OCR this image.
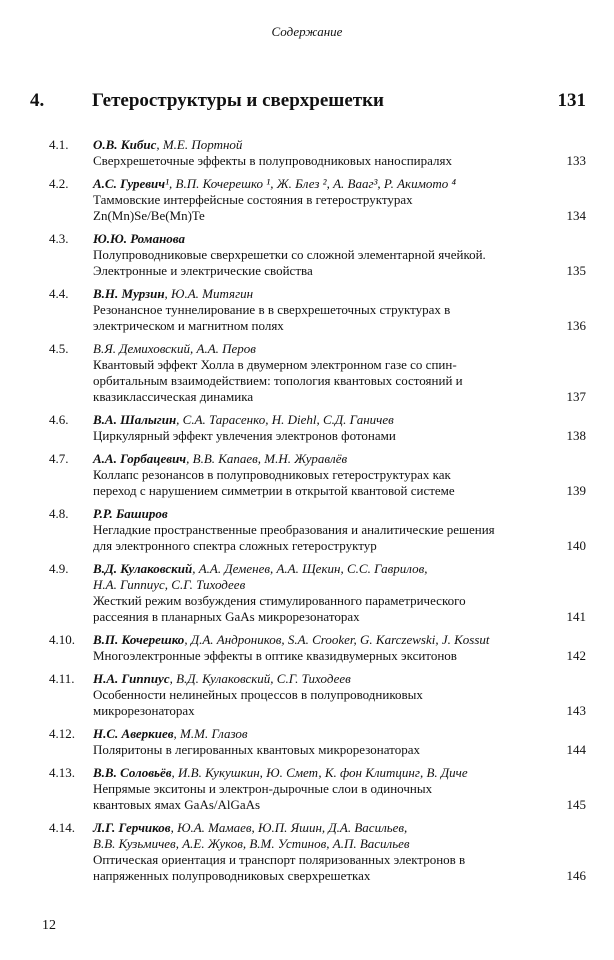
Содержание
4.	Гетероструктуры и сверхрешетки	131
4.1. О.В. Кибис, М.Е. Портной
Сверхрешеточные эффекты в полупроводниковых наноспиралях	133
4.2. А.С. Гуревич¹, В.П. Кочерешко ¹, Ж. Блез ², А. Вааг³, Р. Акимото ⁴
Таммовские интерфейсные состояния в гетероструктурах
Zn(Mn)Se/Be(Mn)Te	134
4.3. Ю.Ю. Романова
Полупроводниковые сверхрешетки со сложной элементарной ячейкой.
Электронные и электрические свойства	135
4.4. В.Н. Мурзин, Ю.А. Митягин
Резонансное туннелирование в в сверхрешеточных структурах в
электрическом и магнитном полях	136
4.5. В.Я. Демиховский, А.А. Перов
Квантовый эффект Холла в двумерном электронном газе со спин-
орбитальным взаимодействием: топология квантовых состояний и
квазиклассическая динамика	137
4.6. В.А. Шалыгин, С.А. Тарасенко, H. Diehl, С.Д. Ганичев
Циркулярный эффект увлечения электронов фотонами	138
4.7. А.А. Горбацевич, В.В. Капаев, М.Н. Журавлёв
Коллапс резонансов в полупроводниковых гетероструктурах как
переход с нарушением симметрии в открытой квантовой системе	139
4.8. Р.Р. Баширов
Негладкие пространственные преобразования и аналитические решения
для электронного спектра сложных гетероструктур	140
4.9. В.Д. Кулаковский, А.А. Деменев, А.А. Щекин, С.С. Гаврилов,
Н.А. Гиппиус, С.Г. Тиходеев
Жесткий режим возбуждения стимулированного параметрического
рассеяния в планарных GaAs микрорезонаторах	141
4.10. В.П. Кочерешко, Д.А. Андроников, S.A. Crooker, G. Karczewski, J. Kossut
Многоэлектронные эффекты в оптике квазидвумерных экситонов	142
4.11. Н.А. Гиппиус, В.Д. Кулаковский, С.Г. Тиходеев
Особенности нелинейных процессов в полупроводниковых
микрорезонаторах	143
4.12. Н.С. Аверкиев, М.М. Глазов
Поляритоны в легированных квантовых микрорезонаторах	144
4.13. В.В. Соловьёв, И.В. Кукушкин, Ю. Смет, К. фон Клитцинг, В. Диче
Непрямые экситоны и электрон-дырочные слои в одиночных
квантовых ямах GaAs/AlGaAs	145
4.14. Л.Г. Герчиков, Ю.А. Мамаев, Ю.П. Яшин, Д.А. Васильев,
В.В. Кузьмичев, А.Е. Жуков, В.М. Устинов, А.П. Васильев
Оптическая ориентация и транспорт поляризованных электронов в
напряженных полупроводниковых сверхрешетках	146
12
